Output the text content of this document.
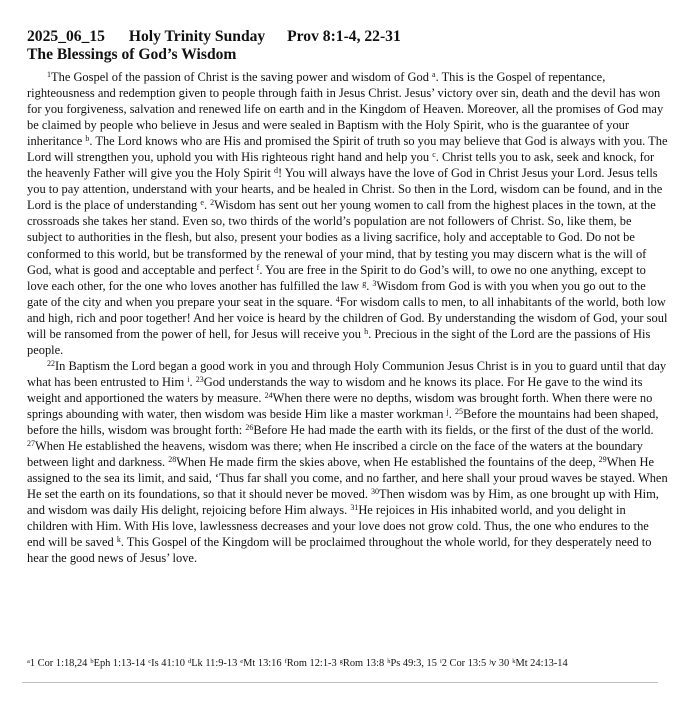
2025_06_15 Holy Trinity Sunday Prov 8:1-4, 22-31
The Blessings of God’s Wisdom

$^1$The Gospel of the passion of Christ is the saving power and wisdom of God $^a$. This is the Gospel of repentance, righteousness and redemption given to people through faith in Jesus Christ. Jesus’ victory over sin, death and the devil has won for you forgiveness, salvation and renewed life on earth and in the Kingdom of Heaven. Moreover, all the promises of God may be claimed by people who believe in Jesus and were sealed in Baptism with the Holy Spirit, who is the guarantee of your inheritance $^b$. The Lord knows who are His and promised the Spirit of truth so you may believe that God is always with you. The Lord will strengthen you, uphold you with His righteous right hand and help you $^c$. Christ tells you to ask, seek and knock, for the heavenly Father will give you the Holy Spirit $^d$! You will always have the love of God in Christ Jesus your Lord. Jesus tells you to pay attention, understand with your hearts, and be healed in Christ. So then in the Lord, wisdom can be found, and in the Lord is the place of understanding $^e$. $^2$Wisdom has sent out her young women to call from the highest places in the town, at the crossroads she takes her stand. Even so, two thirds of the world’s population are not followers of Christ. So, like them, be subject to authorities in the flesh, but also, present your bodies as a living sacrifice, holy and acceptable to God. Do not be conformed to this world, but be transformed by the renewal of your mind, that by testing you may discern what is the will of God, what is good and acceptable and perfect $^f$. You are free in the Spirit to do God’s will, to owe no one anything, except to love each other, for the one who loves another has fulfilled the law $^g$. $^3$Wisdom from God is with you when you go out to the gate of the city and when you prepare your seat in the square. $^4$For wisdom calls to men, to all inhabitants of the world, both low and high, rich and poor together! And her voice is heard by the children of God. By understanding the wisdom of God, your soul will be ransomed from the power of hell, for Jesus will receive you $^h$. Precious in the sight of the Lord are the passions of His people.

$^{22}$In Baptism the Lord began a good work in you and through Holy Communion Jesus Christ is in you to guard until that day what has been entrusted to Him $^i$. $^{23}$God understands the way to wisdom and he knows its place. For He gave to the wind its weight and apportioned the waters by measure. $^{24}$When there were no depths, wisdom was brought forth. When there were no springs abounding with water, then wisdom was beside Him like a master workman $^j$. $^{25}$Before the mountains had been shaped, before the hills, wisdom was brought forth: $^{26}$Before He had made the earth with its fields, or the first of the dust of the world. $^{27}$When He established the heavens, wisdom was there; when He inscribed a circle on the face of the waters at the boundary between light and darkness. $^{28}$When He made firm the skies above, when He established the fountains of the deep, $^{29}$When He assigned to the sea its limit, and said, ‘Thus far shall you come, and no farther, and here shall your proud waves be stayed. When He set the earth on its foundations, so that it should never be moved. $^{30}$Then wisdom was by Him, as one brought up with Him, and wisdom was daily His delight, rejoicing before Him always. $^{31}$He rejoices in His inhabited world, and you delight in children with Him. With His love, lawlessness decreases and your love does not grow cold. Thus, the one who endures to the end will be saved $^k$. This Gospel of the Kingdom will be proclaimed throughout the whole world, for they desperately need to hear the good news of Jesus’ love.

$^a$1 Cor 1:18,24 $^b$Eph 1:13-14 $^c$Is 41:10 $^d$Lk 11:9-13 $^e$Mt 13:16 $^f$Rom 12:1-3 $^g$Rom 13:8 $^h$Ps 49:3, 15 $^i$2 Cor 13:5 $^j$v 30 $^k$Mt 24:13-14
